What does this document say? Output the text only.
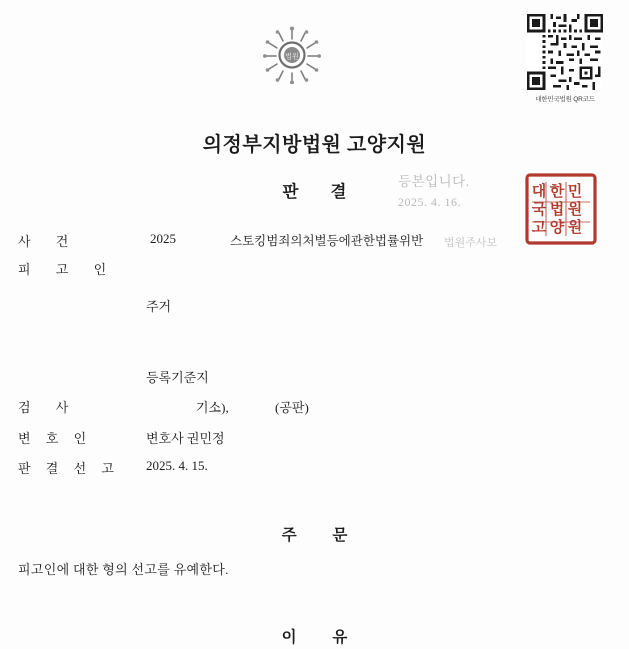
법원
대한민국법원 QR코드
의정부지방법원 고양지원
판 결
등본입니다.
2025. 4. 16.
대 한 민
국 법 원
고 양 원
사 건	2025	스토킹범죄의처벌등에관한법률위반 법원주사보
피 고 인
주거
등록기준지
검 사	기소),	(공판)
변 호 인	변호사 권민정
판 결 선 고	2025. 4. 15.
주 문
피고인에 대한 형의 선고를 유예한다.
이 유
